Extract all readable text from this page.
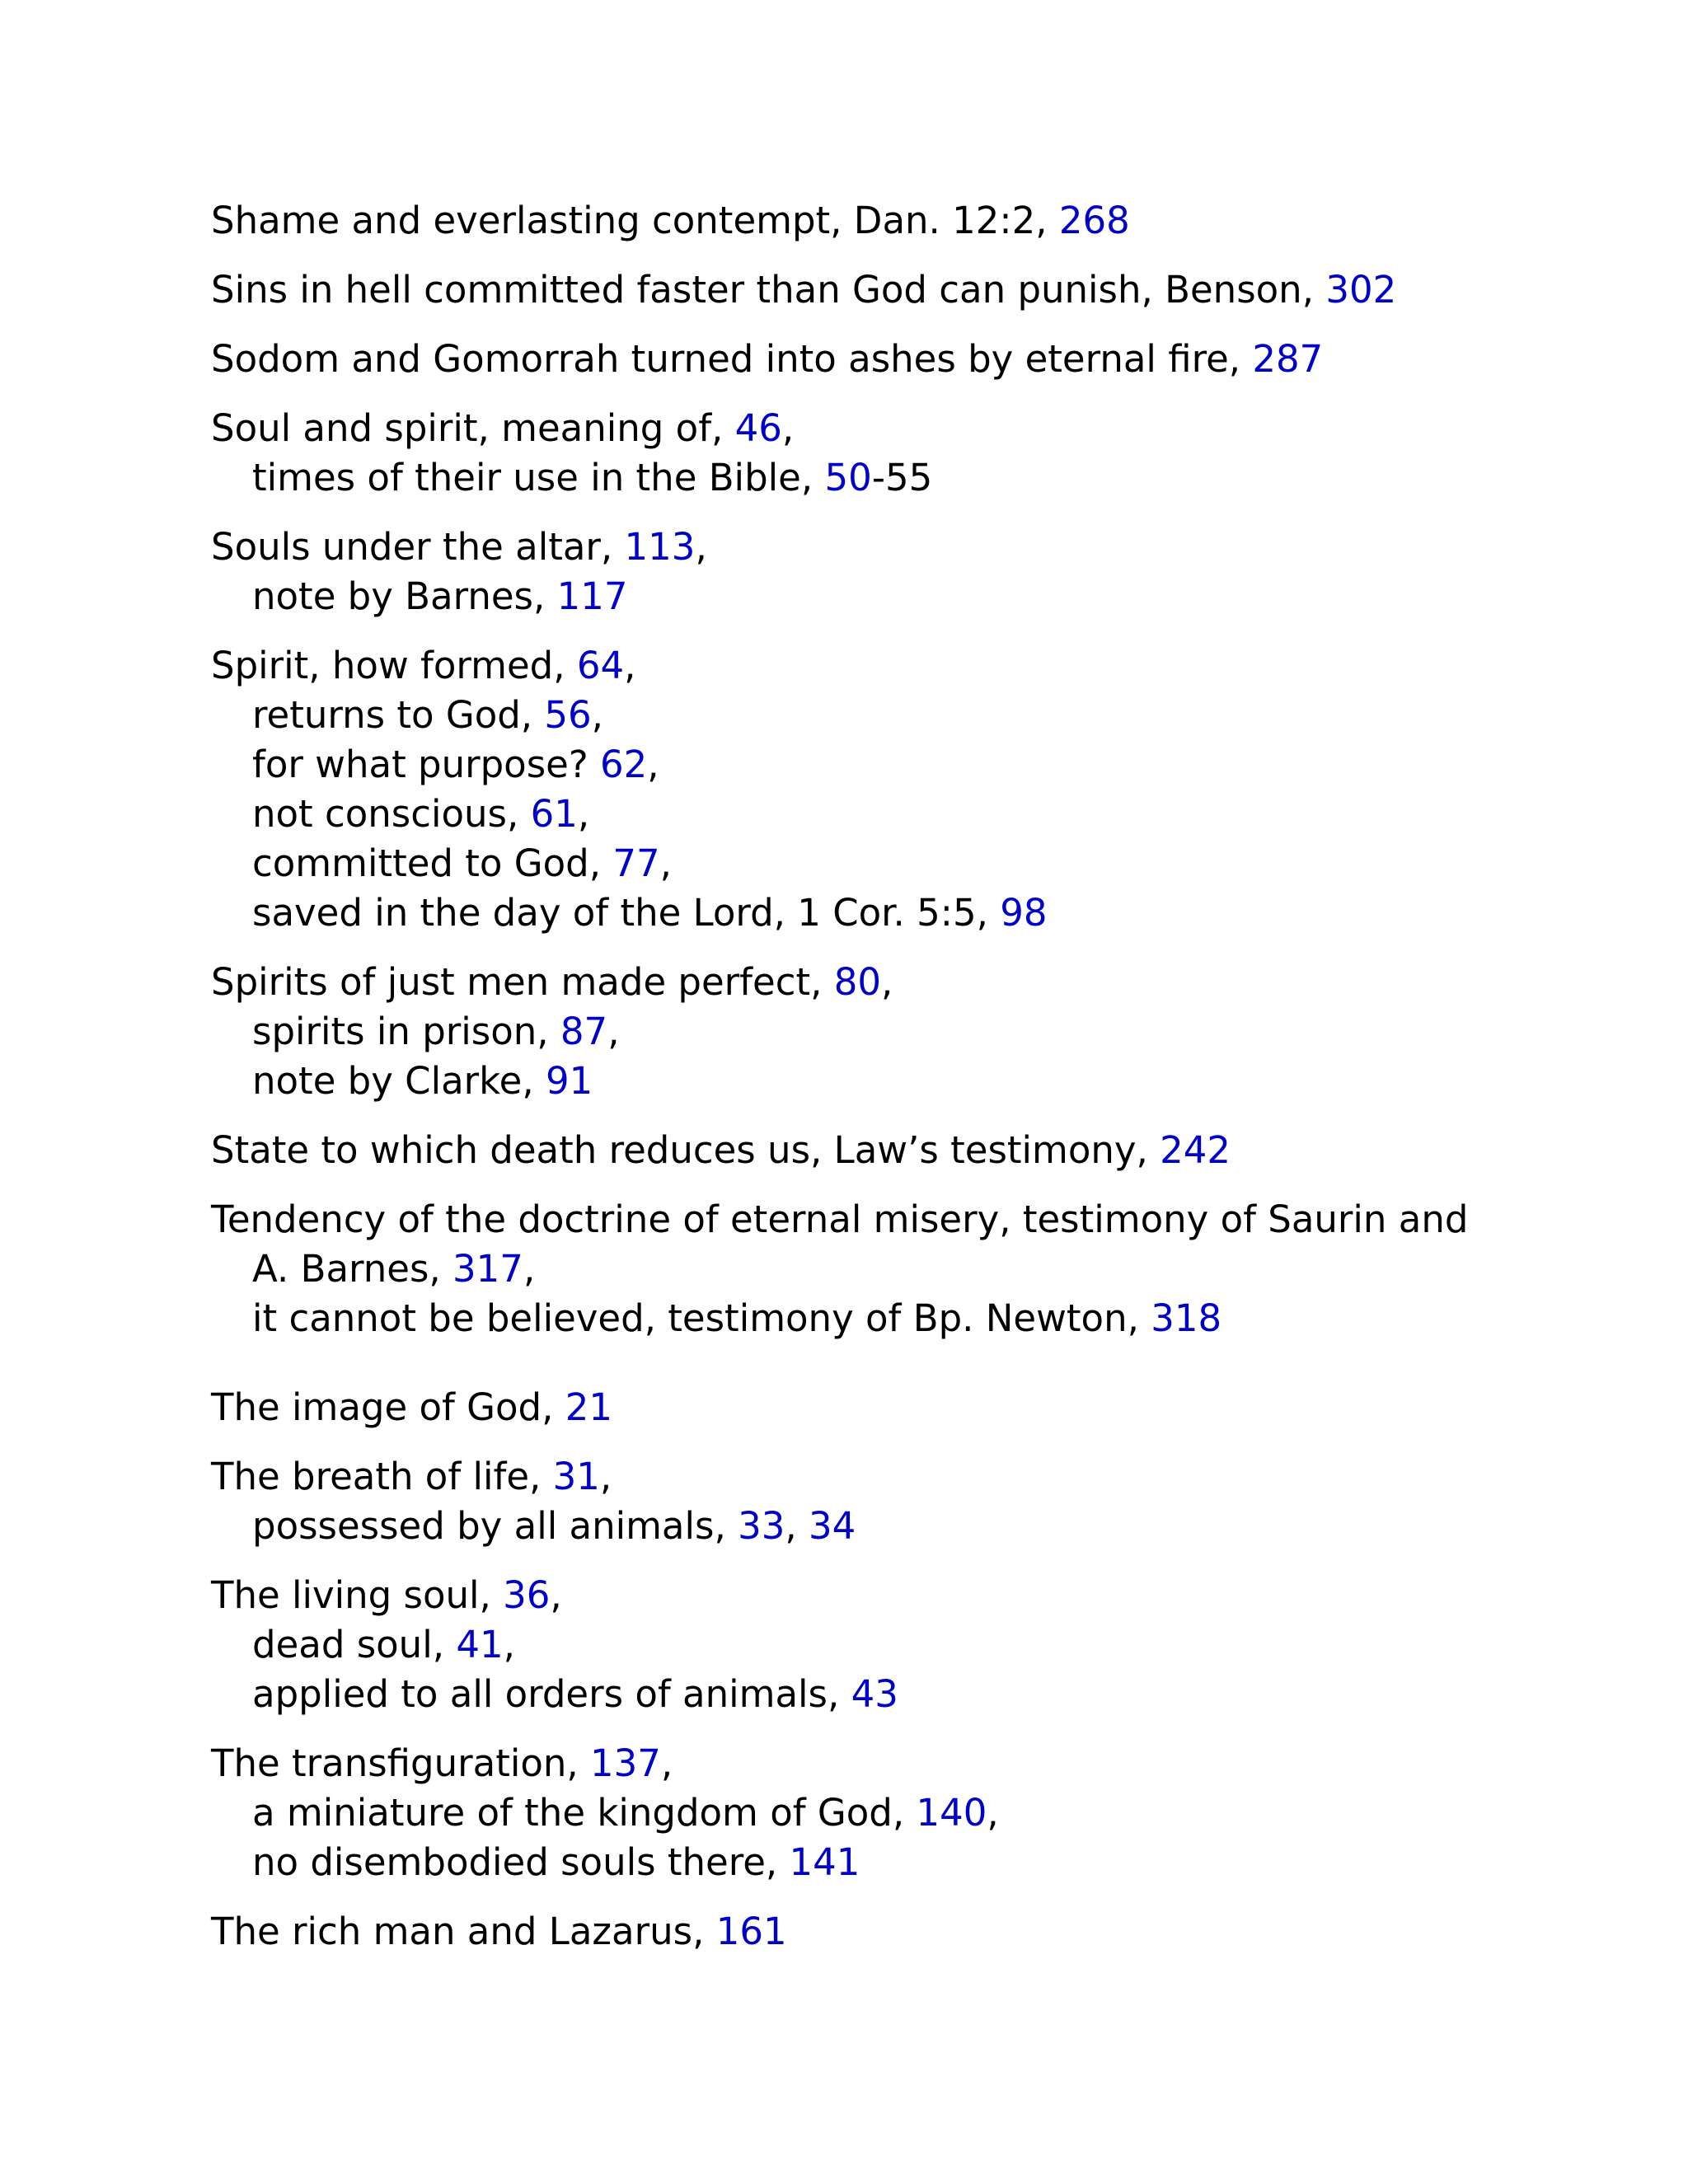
Shame and everlasting contempt, Dan. 12:2, 268
Sins in hell committed faster than God can punish, Benson, 302
Sodom and Gomorrah turned into ashes by eternal fire, 287
Soul and spirit, meaning of, 46,
times of their use in the Bible, 50-55
Souls under the altar, 113,
note by Barnes, 117
Spirit, how formed, 64,
returns to God, 56,
for what purpose? 62,
not conscious, 61,
committed to God, 77,
saved in the day of the Lord, 1 Cor. 5:5, 98
Spirits of just men made perfect, 80,
spirits in prison, 87,
note by Clarke, 91
State to which death reduces us, Law’s testimony, 242
Tendency of the doctrine of eternal misery, testimony of Saurin and
A. Barnes, 317,
it cannot be believed, testimony of Bp. Newton, 318
The image of God, 21
The breath of life, 31,
possessed by all animals, 33, 34
The living soul, 36,
dead soul, 41,
applied to all orders of animals, 43
The transfiguration, 137,
a miniature of the kingdom of God, 140,
no disembodied souls there, 141
The rich man and Lazarus, 161
